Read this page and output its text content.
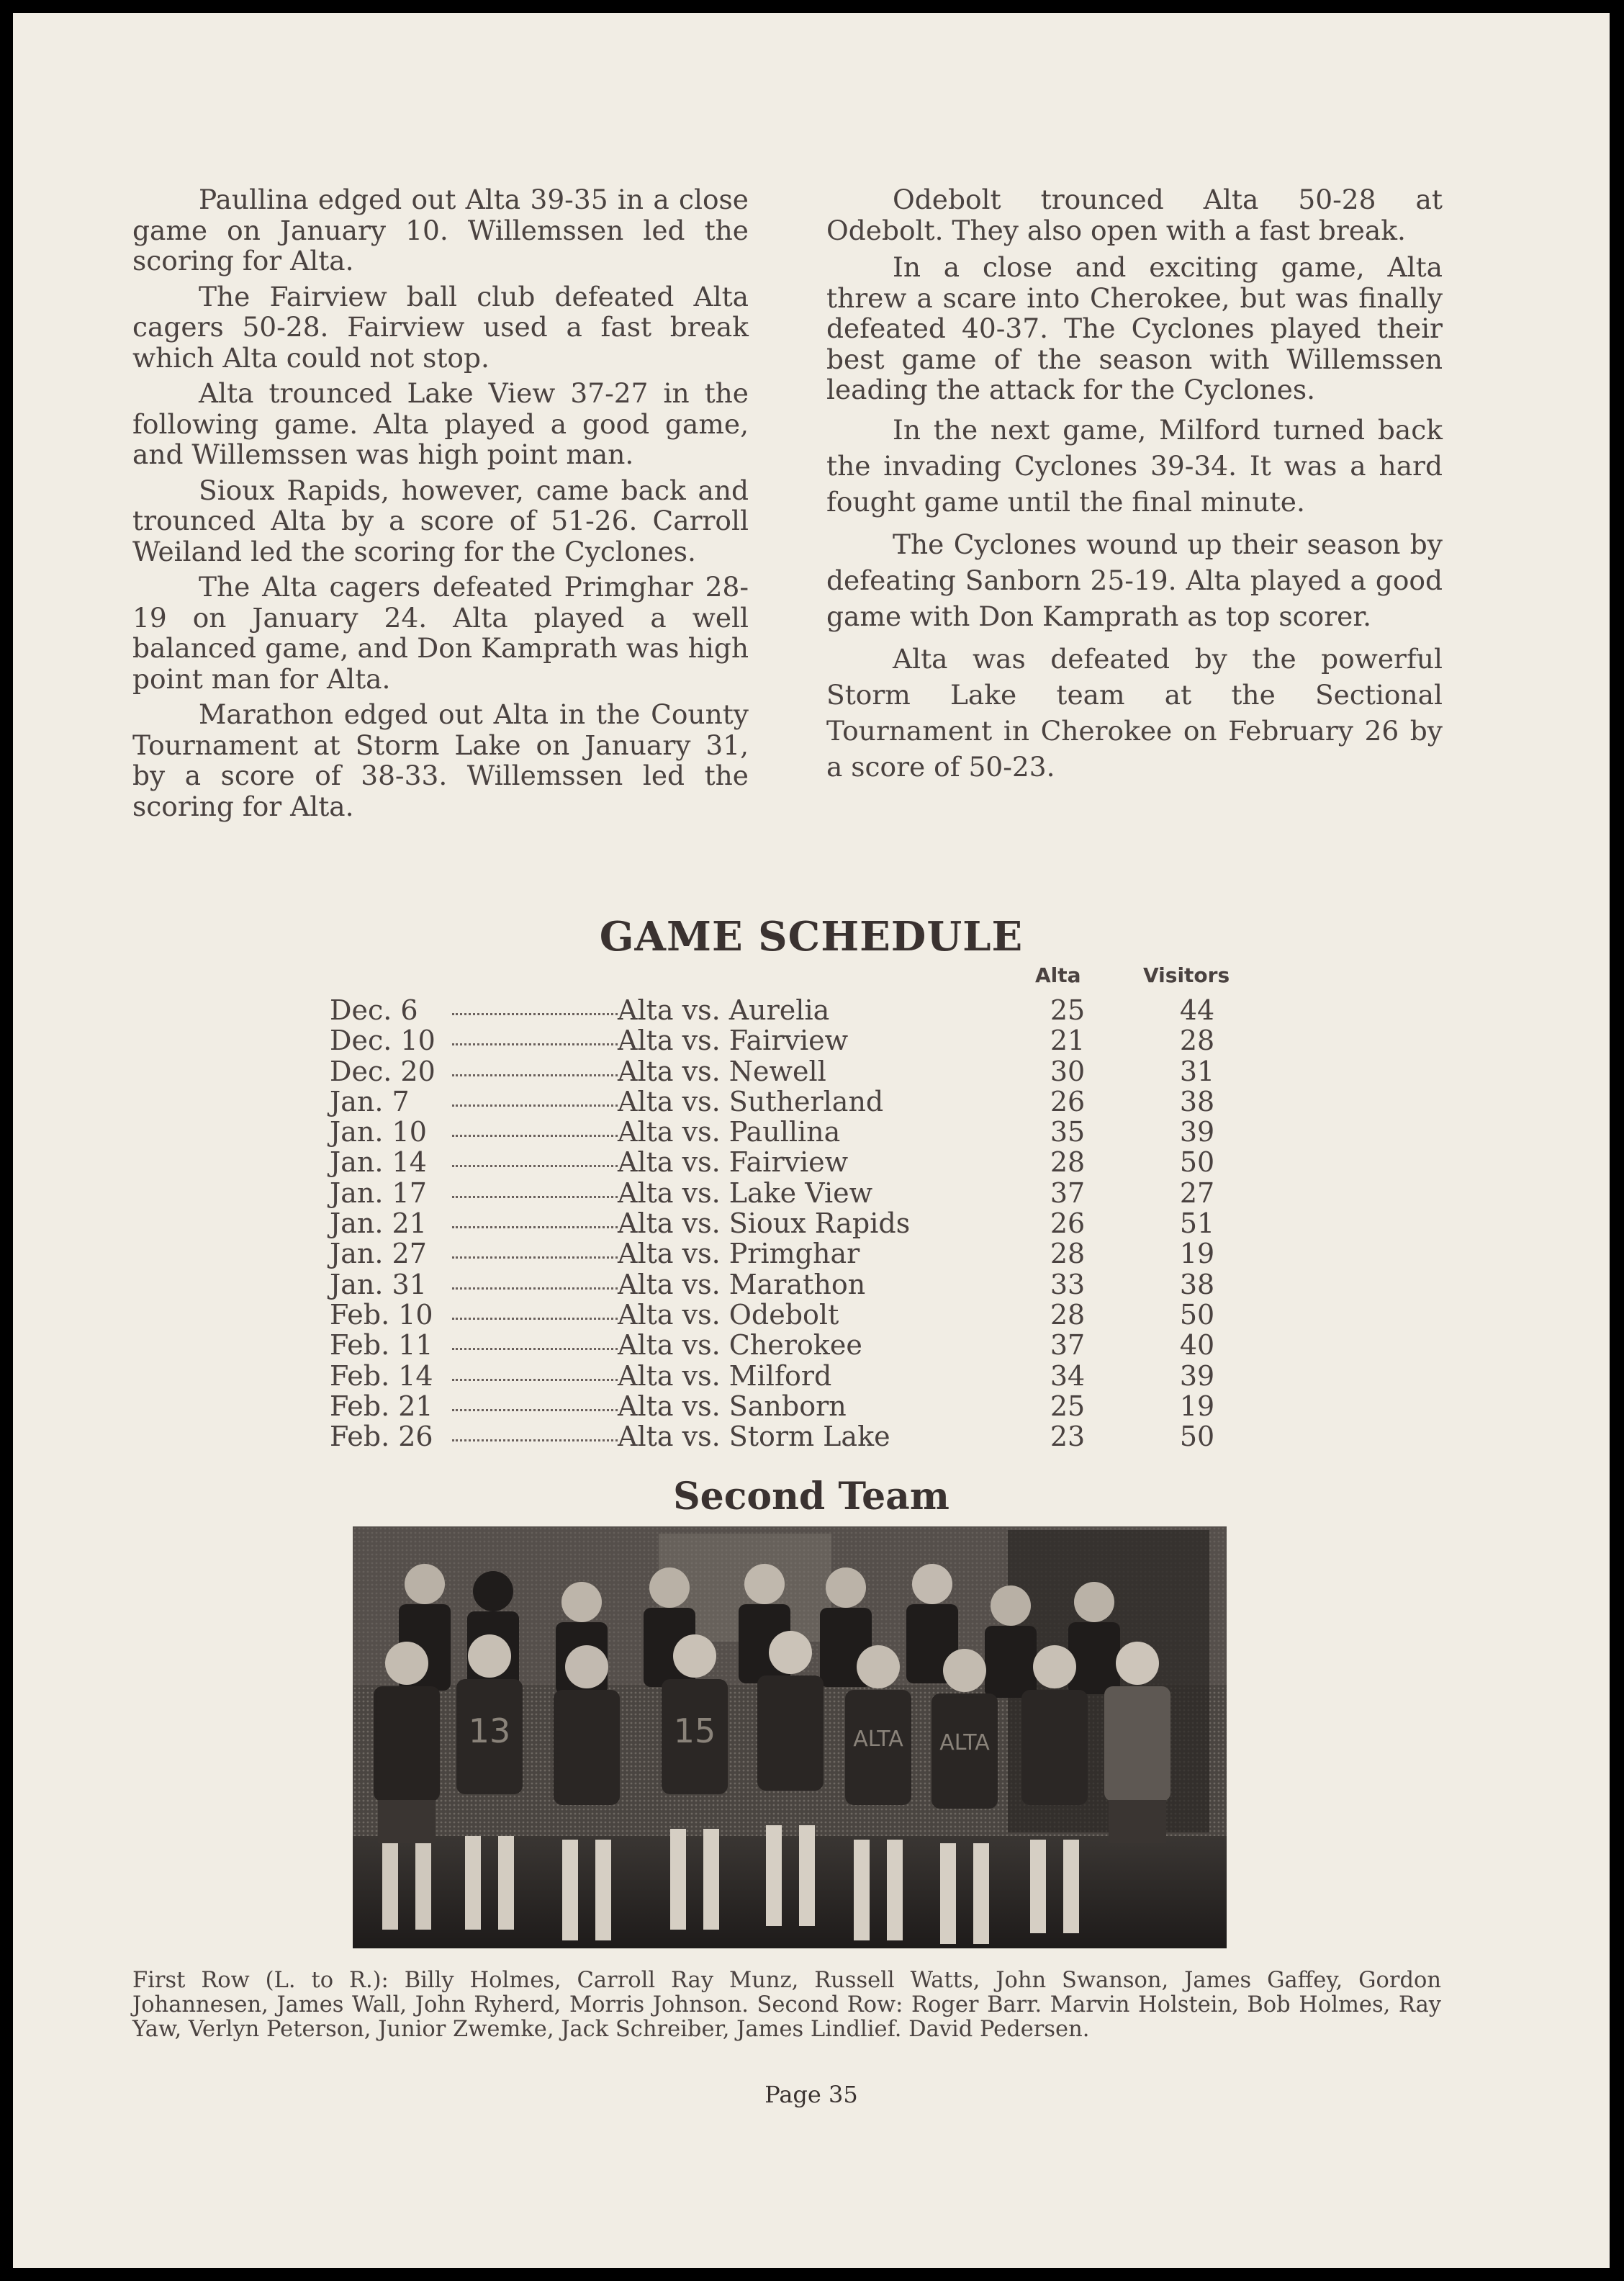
Paullina edged out Alta 39-35 in a close game on January 10. Willemssen led the scoring for Alta.

The Fairview ball club defeated Alta cagers 50-28. Fairview used a fast break which Alta could not stop.

Alta trounced Lake View 37-27 in the following game. Alta played a good game, and Willemssen was high point man.

Sioux Rapids, however, came back and trounced Alta by a score of 51-26. Carroll Weiland led the scoring for the Cyclones.

The Alta cagers defeated Primghar 28-19 on January 24. Alta played a well balanced game, and Don Kamprath was high point man for Alta.

Marathon edged out Alta in the County Tournament at Storm Lake on January 31, by a score of 38-33. Willemssen led the scoring for Alta.

Odebolt trounced Alta 50-28 at Odebolt. They also open with a fast break.

In a close and exciting game, Alta threw a scare into Cherokee, but was finally defeated 40-37. The Cyclones played their best game of the season with Willemssen leading the attack for the Cyclones.

In the next game, Milford turned back the invading Cyclones 39-34. It was a hard fought game until the final minute.

The Cyclones wound up their season by defeating Sanborn 25-19. Alta played a good game with Don Kamprath as top scorer.

Alta was defeated by the powerful Storm Lake team at the Sectional Tournament in Cherokee on February 26 by a score of 50-23.

GAME SCHEDULE
Alta	Visitors
Dec. 6	Alta vs. Aurelia	25	44
Dec. 10	Alta vs. Fairview	21	28
Dec. 20	Alta vs. Newell	30	31
Jan. 7	Alta vs. Sutherland	26	38
Jan. 10	Alta vs. Paullina	35	39
Jan. 14	Alta vs. Fairview	28	50
Jan. 17	Alta vs. Lake View	37	27
Jan. 21	Alta vs. Sioux Rapids	26	51
Jan. 27	Alta vs. Primghar	28	19
Jan. 31	Alta vs. Marathon	33	38
Feb. 10	Alta vs. Odebolt	28	50
Feb. 11	Alta vs. Cherokee	37	40
Feb. 14	Alta vs. Milford	34	39
Feb. 21	Alta vs. Sanborn	25	19
Feb. 26	Alta vs. Storm Lake	23	50
Second Team
13	15	ALTA ALTA
First Row (L. to R.): Billy Holmes, Carroll Ray Munz, Russell Watts, John Swanson, James Gaffey, Gordon Johannesen, James Wall, John Ryherd, Morris Johnson. Second Row: Roger Barr. Marvin Holstein, Bob Holmes, Ray Yaw, Verlyn Peterson, Junior Zwemke, Jack Schreiber, James Lindlief. David Pedersen.
Page 35
